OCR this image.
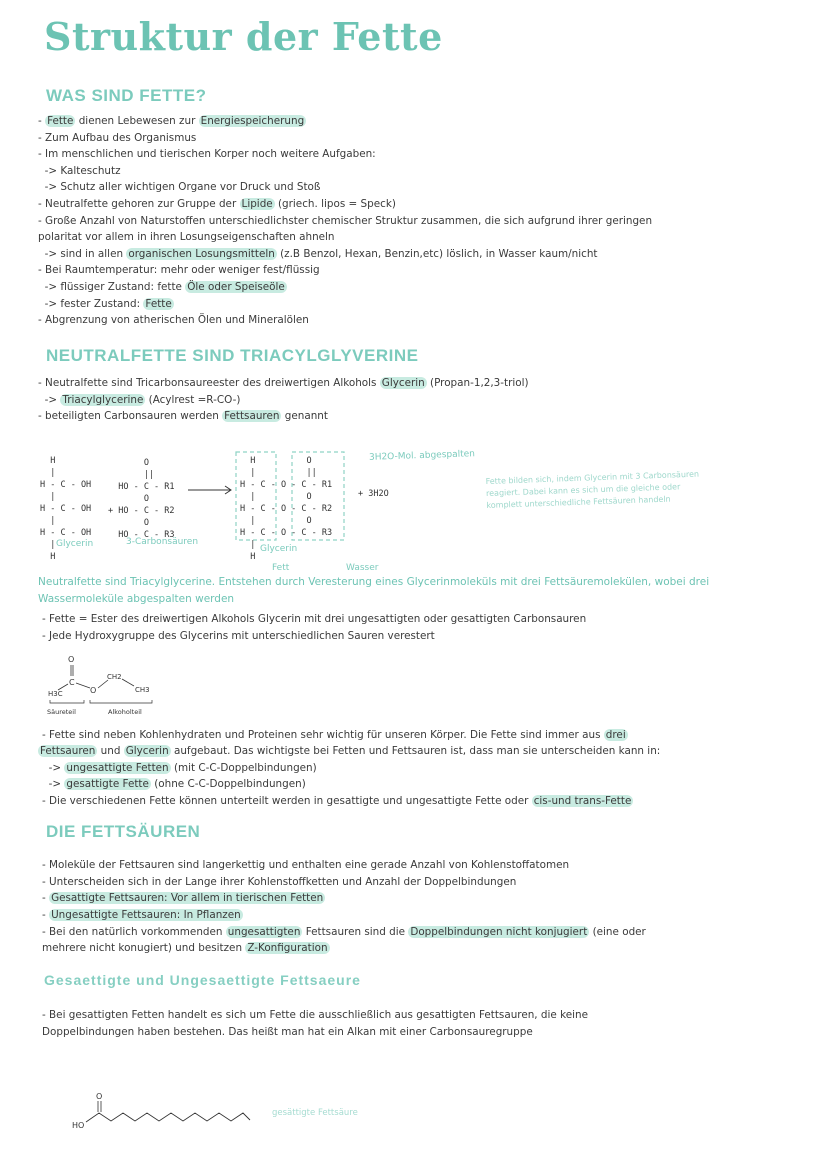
Struktur der Fette
WAS SIND FETTE?
- Fette dienen Lebewesen zur Energiespeicherung
- Zum Aufbau des Organismus
- Im menschlichen und tierischen Korper noch weitere Aufgaben:
-> Kalteschutz
-> Schutz aller wichtigen Organe vor Druck und Stoß
- Neutralfette gehoren zur Gruppe der Lipide (griech. lipos = Speck)
- Große Anzahl von Naturstoffen unterschiedlichster chemischer Struktur zusammen, die sich aufgrund ihrer geringen
polaritat vor allem in ihren Losungseigenschaften ahneln
-> sind in allen organischen Losungsmitteln (z.B Benzol, Hexan, Benzin,etc) löslich, in Wasser kaum/nicht
- Bei Raumtemperatur: mehr oder weniger fest/flüssig
-> flüssiger Zustand: fette Öle oder Speiseöle
-> fester Zustand: Fette
- Abgrenzung von atherischen Ölen und Mineralölen
NEUTRALFETTE SIND TRIACYLGLYVERINE
- Neutralfette sind Tricarbonsaureester des dreiwertigen Alkohols Glycerin (Propan-1,2,3-triol)
-> Triacylglycerine (Acylrest =R-CO-)
- beteiligten Carbonsauren werden Fettsauren genannt
H
|
H - C - OH
|
H - C - OH
|
H - C - OH
|
H
Glycerin
O
||
HO - C - R1
O
+ HO - C - R2
O
HO - C - R3
3-Carbonsäuren
H          O
|          ||
H - C - O - C - R1
|          O
H - C - O - C - R2
|          O
H - C - O - C - R3
|
H
Glycerin
+ 3H2O
3H2O-Mol. abgespalten
Fett	Wasser
Fette bilden sich, indem Glycerin mit 3 Carbonsäuren reagiert. Dabei kann es sich um die gleiche oder komplett unterschiedliche Fettsäuren handeln
Neutralfette sind Triacylglycerine. Entstehen durch Veresterung eines Glycerinmoleküls mit drei Fettsäuremolekülen, wobei drei Wassermoleküle abgespalten werden
- Fette = Ester des dreiwertigen Alkohols Glycerin mit drei ungesattigten oder gesattigten Carbonsauren
- Jede Hydroxygruppe des Glycerins mit unterschiedlichen Sauren verestert
O
C
H3C	O
CH2
CH3
Säureteil	Alkoholteil
- Fette sind neben Kohlenhydraten und Proteinen sehr wichtig für unseren Körper. Die Fette sind immer aus drei
Fettsauren und Glycerin aufgebaut. Das wichtigste bei Fetten und Fettsauren ist, dass man sie unterscheiden kann in:
-> ungesattigte Fetten (mit C-C-Doppelbindungen)
-> gesattigte Fette (ohne C-C-Doppelbindungen)
- Die verschiedenen Fette können unterteilt werden in gesattigte und ungesattigte Fette oder cis-und trans-Fette
DIE FETTSÄUREN
- Moleküle der Fettsauren sind langerkettig und enthalten eine gerade Anzahl von Kohlenstoffatomen
- Unterscheiden sich in der Lange ihrer Kohlenstoffketten und Anzahl der Doppelbindungen
- Gesattigte Fettsauren: Vor allem in tierischen Fetten
- Ungesattigte Fettsauren: In Pflanzen
- Bei den natürlich vorkommenden ungesattigten Fettsauren sind die Doppelbindungen nicht konjugiert (eine oder
mehrere nicht konugiert) und besitzen Z-Konfiguration
Gesaettigte und Ungesaettigte Fettsaeure
- Bei gesattigten Fetten handelt es sich um Fette die ausschließlich aus gesattigten Fettsauren, die keine
Doppelbindungen haben bestehen. Das heißt man hat ein Alkan mit einer Carbonsauregruppe
O
HO
gesättigte Fettsäure
